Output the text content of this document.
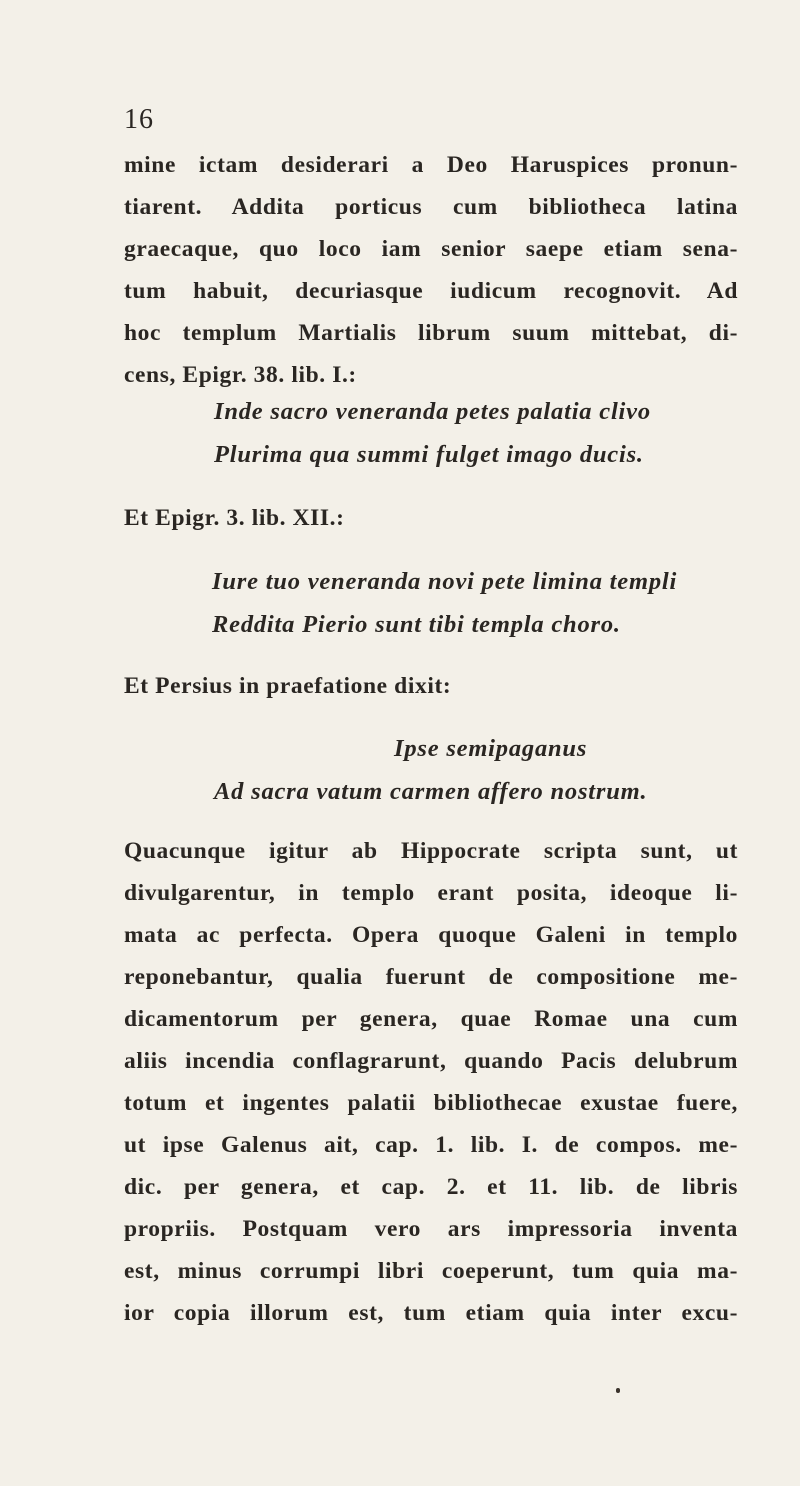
16
mine ictam desiderari a Deo Haruspices pronun-
tiarent. Addita porticus cum bibliotheca latina
graecaque, quo loco iam senior saepe etiam sena-
tum habuit, decuriasque iudicum recognovit. Ad
hoc templum Martialis librum suum mittebat, di-
cens, Epigr. 38. lib. I.:
Inde sacro veneranda petes palatia clivo
Plurima qua summi fulget imago ducis.
Et Epigr. 3. lib. XII.:
Iure tuo veneranda novi pete limina templi
Reddita Pierio sunt tibi templa choro.
Et Persius in praefatione dixit:
Ipse semipaganus
Ad sacra vatum carmen affero nostrum.
Quacunque igitur ab Hippocrate scripta sunt, ut
divulgarentur, in templo erant posita, ideoque li-
mata ac perfecta. Opera quoque Galeni in templo
reponebantur, qualia fuerunt de compositione me-
dicamentorum per genera, quae Romae una cum
aliis incendia conflagrarunt, quando Pacis delubrum
totum et ingentes palatii bibliothecae exustae fuere,
ut ipse Galenus ait, cap. 1. lib. I. de compos. me-
dic. per genera, et cap. 2. et 11. lib. de libris
propriis. Postquam vero ars impressoria inventa
est, minus corrumpi libri coeperunt, tum quia ma-
ior copia illorum est, tum etiam quia inter excu-
